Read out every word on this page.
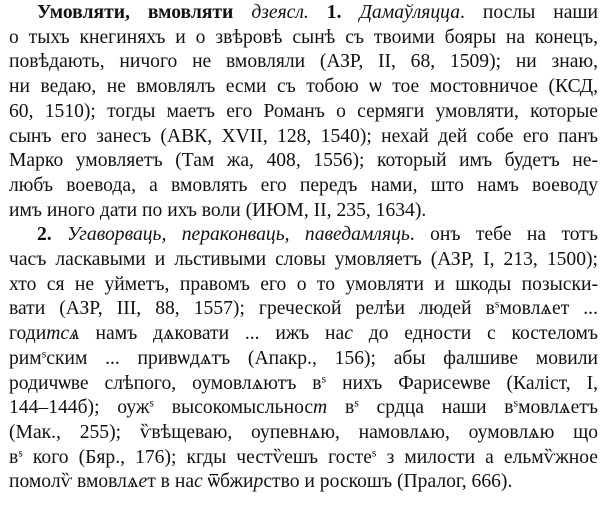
Умовляти, вмовляти дзеясл. 1. Дамаўляцца. послы наши
о тыхъ кнегиняхъ и о звѣровѣ сынѣ съ твоими бояры на конецъ,
повѣдають, ничого не вмовляли (АЗР, II, 68, 1509); ни знаю,
ни ведаю, не вмовлялъ есми съ тобою ѡ тое мостовничое (КСД,
60, 1510); тогды маетъ его Романъ о сермяги умовляти, которые
сынъ его занесъ (АВК, XVII, 128, 1540); нехай дей собе его панъ
Марко умовляетъ (Там жа, 408, 1556); который имъ будетъ не-
любъ воевода, а вмовлять его передъ нами, што намъ воеводу
имъ иного дати по ихъ воли (ИЮМ, II, 235, 1634).
2. Угаворваць, пераконваць, паведамляць. онъ тебе на тотъ
часъ ласкавыми и льстивыми словы умовляетъ (АЗР, I, 213, 1500);
хто ся не уйметъ, правомъ его о то умовляти и шкоды позыски-
вати (АЗР, III, 88, 1557); греческой релѣи людей $в^ѕмовлѧет$ ...
годитсѧ намъ дѧковати ... ижъ нас до едности с костеломъ
рим$^ѕ$ским ... привѡдѧтъ (Апакр., 156); абы фалшиве мовили
родичѡве слѣпого, оумовлѧютъ $в^ѕ$ нихъ Фарисеѡве (Каліст, I,
144–144б); оуж$^ѕ$ высокомысльност $в^ѕ$ срдца наши $в^ѕмовлѧетъ$
(Мак., 255); ѷвѣщеваю, оупевнѧю, намовлѧю, оумовлѧю що
$в^ѕ$ кого (Бяр., 176); кгды честѷешъ госте$^ѕ$ з милости а ельмѷжное
помолѷ вмовлѧет в нас ѿбжирство и роскошъ (Пралог, 666).
